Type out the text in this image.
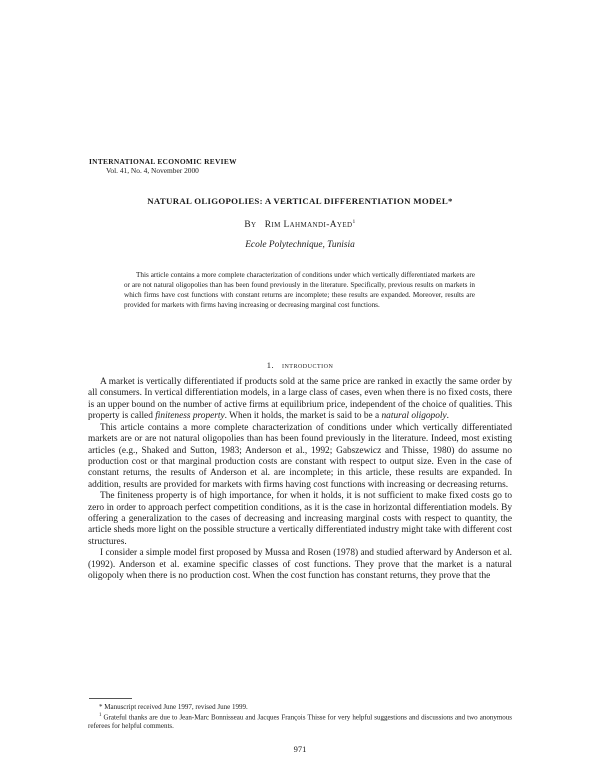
INTERNATIONAL ECONOMIC REVIEW
Vol. 41, No. 4, November 2000
NATURAL OLIGOPOLIES: A VERTICAL DIFFERENTIATION MODEL*
By Rim Lahmandi-Ayed$^1$
Ecole Polytechnique, Tunisia

This article contains a more complete characterization of conditions under which vertically differentiated markets are or are not natural oligopolies than has been found previously in the literature. Specifically, previous results on markets in which firms have cost functions with constant returns are incomplete; these results are expanded. Moreover, results are provided for markets with firms having increasing or decreasing marginal cost functions.

1. introduction

A market is vertically differentiated if products sold at the same price are ranked in exactly the same order by all consumers. In vertical differentiation models, in a large class of cases, even when there is no fixed costs, there is an upper bound on the number of active firms at equilibrium price, independent of the choice of qualities. This property is called finiteness property. When it holds, the market is said to be a natural oligopoly.

This article contains a more complete characterization of conditions under which vertically differentiated markets are or are not natural oligopolies than has been found previously in the literature. Indeed, most existing articles (e.g., Shaked and Sutton, 1983; Anderson et al., 1992; Gabszewicz and Thisse, 1980) do assume no production cost or that marginal production costs are constant with respect to output size. Even in the case of constant returns, the results of Anderson et al. are incomplete; in this article, these results are expanded. In addition, results are provided for markets with firms having cost functions with increasing or decreasing returns.

The finiteness property is of high importance, for when it holds, it is not sufficient to make fixed costs go to zero in order to approach perfect competition conditions, as it is the case in horizontal differentiation models. By offering a generalization to the cases of decreasing and increasing marginal costs with respect to quantity, the article sheds more light on the possible structure a vertically differentiated industry might take with different cost structures.

I consider a simple model first proposed by Mussa and Rosen (1978) and studied afterward by Anderson et al. (1992). Anderson et al. examine specific classes of cost functions. They prove that the market is a natural oligopoly when there is no production cost. When the cost function has constant returns, they prove that the

* Manuscript received June 1997, revised June 1999.

$^1$ Grateful thanks are due to Jean-Marc Bonnisseau and Jacques François Thisse for very helpful suggestions and discussions and two anonymous referees for helpful comments.

971
